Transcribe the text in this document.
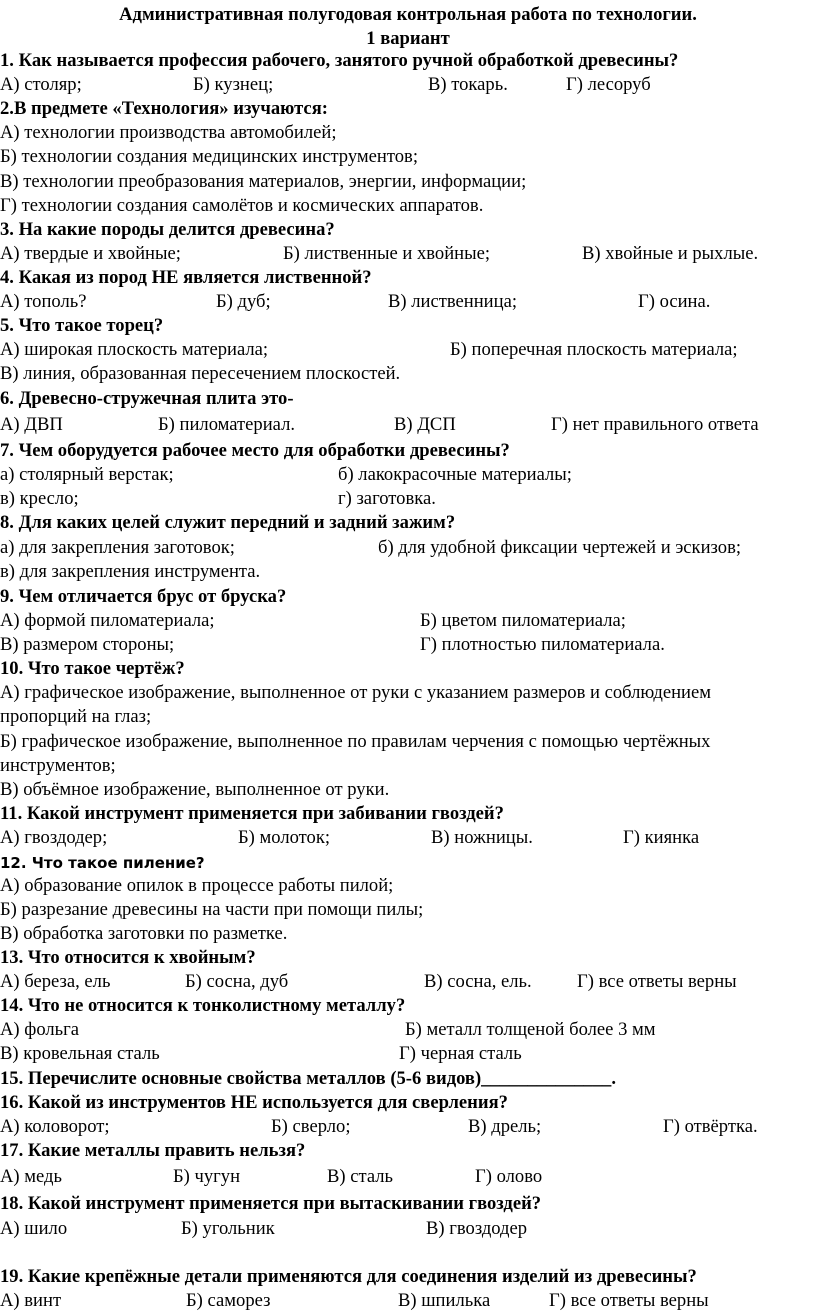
Административная полугодовая контрольная работа по технологии.
1 вариант
1. Как называется профессия рабочего, занятого ручной обработкой древесины?
А) столяр;	Б) кузнец;	В) токарь.	Г) лесоруб
2.В предмете «Технология» изучаются:
А) технологии производства автомобилей;
Б) технологии создания медицинских инструментов;
В) технологии преобразования материалов, энергии, информации;
Г) технологии создания самолётов и космических аппаратов.
3. На какие породы делится древесина?
А) твердые и хвойные;	Б) лиственные и хвойные;	В) хвойные и рыхлые.
4. Какая из пород НЕ является лиственной?
А) тополь?	Б) дуб;	В) лиственница;	Г) осина.
5. Что такое торец?
А) широкая плоскость материала;	Б) поперечная плоскость материала;
В) линия, образованная пересечением плоскостей.
6. Древесно-стружечная плита это-
А) ДВП	Б) пиломатериал.	В) ДСП	Г) нет правильного ответа
7. Чем оборудуется рабочее место для обработки древесины?
а) столярный верстак;	б) лакокрасочные материалы;
в) кресло;	г) заготовка.
8. Для каких целей служит передний и задний зажим?
а) для закрепления заготовок;	б) для удобной фиксации чертежей и эскизов;
в) для закрепления инструмента.
9. Чем отличается брус от бруска?
А) формой пиломатериала;	Б) цветом пиломатериала;
В) размером стороны;	Г) плотностью пиломатериала.
10. Что такое чертёж?
А) графическое изображение, выполненное от руки с указанием размеров и соблюдением
пропорций на глаз;
Б) графическое изображение, выполненное по правилам черчения с помощью чертёжных
инструментов;
В) объёмное изображение, выполненное от руки.
11. Какой инструмент применяется при забивании гвоздей?
А) гвоздодер;	Б) молоток;	В) ножницы.	Г) киянка
12. Что такое пиление?
А) образование опилок в процессе работы пилой;
Б) разрезание древесины на части при помощи пилы;
В) обработка заготовки по разметке.
13. Что относится к хвойным?
А) береза, ель	Б) сосна, дуб	В) сосна, ель. Г) все ответы верны
14. Что не относится к тонколистному металлу?
А) фольга	Б) металл толщеной более 3 мм
В) кровельная сталь	Г) черная сталь
15. Перечислите основные свойства металлов (5-6 видов)______________.
16. Какой из инструментов НЕ используется для сверления?
А) коловорот;	Б) сверло;	В) дрель;	Г) отвёртка.
17. Какие металлы править нельзя?
А) медь	Б) чугун	В) сталь	Г) олово
18. Какой инструмент применяется при вытаскивании гвоздей?
А) шило	Б) угольник	В) гвоздодер
19. Какие крепёжные детали применяются для соединения изделий из древесины?
А) винт	Б) саморез	В) шпилька	Г) все ответы верны
